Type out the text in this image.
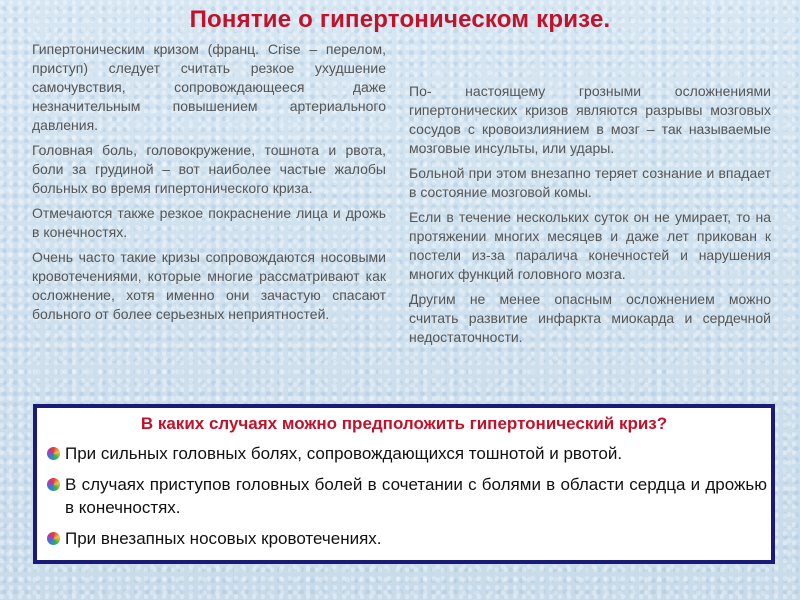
Понятие о гипертоническом кризе.

Гипертоническим кризом (франц. Crise – перелом, приступ) следует считать резкое ухудшение самочувствия, сопровождающееся даже незначительным повышением артериального давления.

Головная боль, головокружение, тошнота и рвота, боли за грудиной – вот наиболее частые жалобы больных во время гипертонического криза.

Отмечаются также резкое покраснение лица и дрожь в конечностях.

Очень часто такие кризы сопровождаются носовыми кровотечениями, которые многие рассматривают как осложнение, хотя именно они зачастую спасают больного от более серьезных неприятностей.

По- настоящему грозными осложнениями гипертонических кризов являются разрывы мозговых сосудов с кровоизлиянием в мозг – так называемые мозговые инсульты, или удары.

Больной при этом внезапно теряет сознание и впадает в состояние мозговой комы.

Если в течение нескольких суток он не умирает, то на протяжении многих месяцев и даже лет прикован к постели из-за паралича конечностей и нарушения многих функций головного мозга.

Другим не менее опасным осложнением можно считать развитие инфаркта миокарда и сердечной недостаточности.

В каких случаях можно предположить гипертонический криз?
При сильных головных болях, сопровождающихся тошнотой и рвотой.
В случаях приступов головных болей в сочетании с болями в области сердца и дрожью в конечностях.
При внезапных носовых кровотечениях.
